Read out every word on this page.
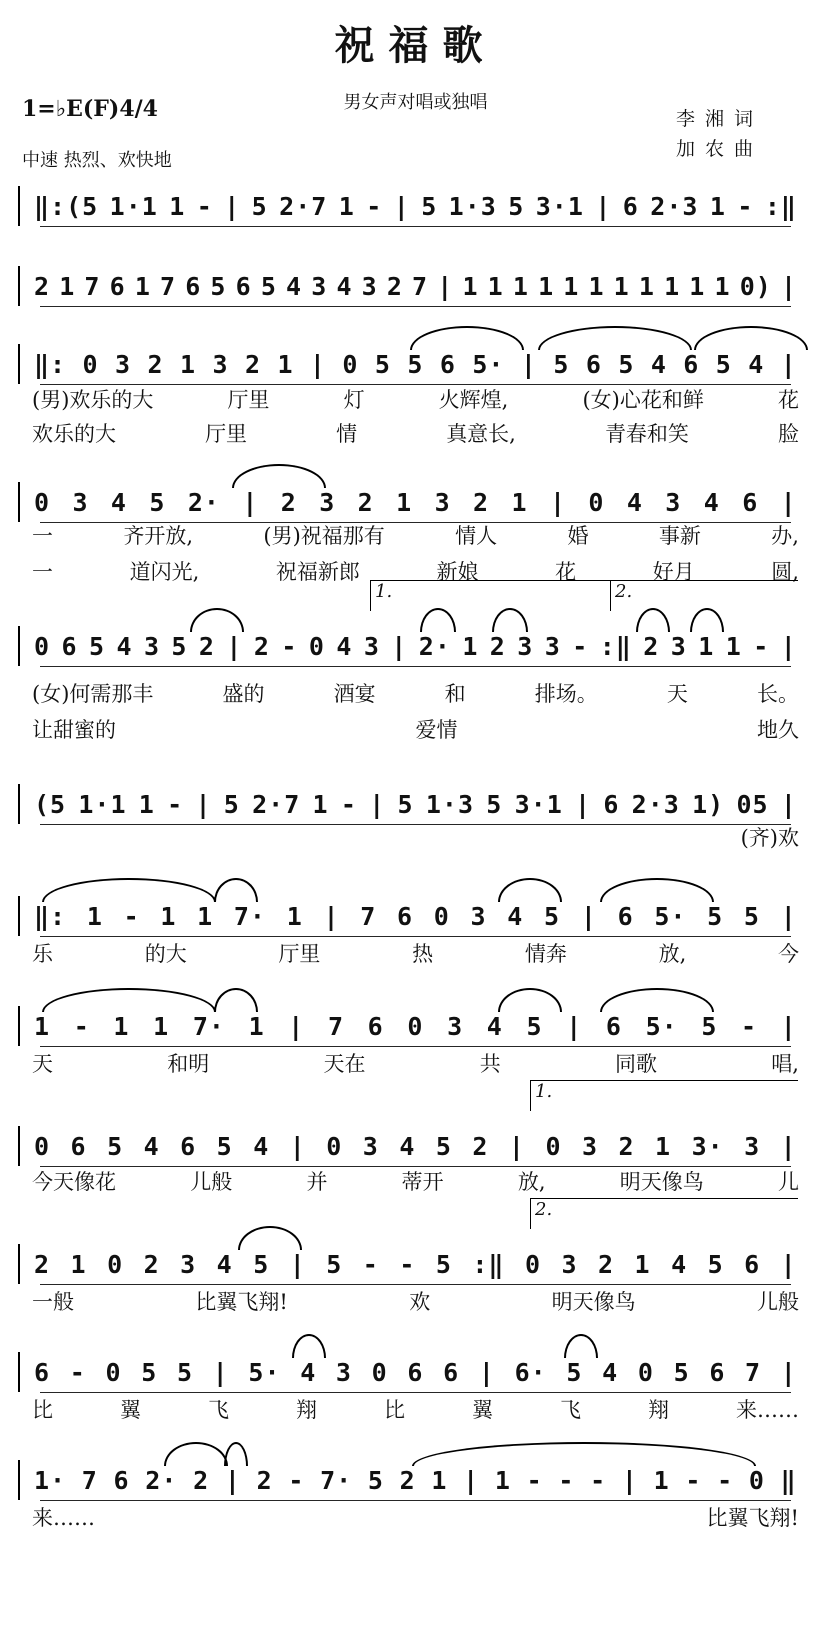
祝福歌
男女声对唱或独唱
1=♭E(F)4/4
中速 热烈、欢快地
李湘词
加农曲
‖:(5 1·1 1 - | 5 2·7 1 - | 5 1·3 5 3·1 | 6 2·3 1 - :‖
2 1 7 6 1 7 6 5 6 5 4 3 4 3 2 7 | 1 1 1 1 1 1 1 1 1 1 1 0) |
‖: 0 3 2 1 3 2 1 | 0 5 5 6 5· | 5 6 5 4 6 5 4 |
(男)欢乐的大	厅里	灯	火辉煌,	(女)心花和鲜	花
欢乐的大	厅里	情	真意长,	青春和笑	脸
0 3 4 5 2· | 2 3 2 1 3 2 1 | 0 4 3 4 6 |
一	齐开放,	(男)祝福那有	情人	婚	事新	办,
一	道闪光,	祝福新郎	新娘	花	好月	圆,
0 6 5 4 3 5 2 | 2 - 0 4 3 | 2· 1 2 3 3 - :‖ 2 3 1 1 - |
1.	2.
(女)何需那丰	盛的	酒宴	和	排场。	天	长。
让甜蜜的	爱情	地久
(5 1·1 1 - | 5 2·7 1 - | 5 1·3 5 3·1 | 6 2·3 1) 05 |
(齐)欢
‖: 1 - 1 1 7· 1 | 7 6 0 3 4 5 | 6 5· 5 5 |
乐	的大	厅里	热	情奔	放,	今
1 - 1 1 7· 1 | 7 6 0 3 4 5 | 6 5· 5 - |
天	和明	天在	共	同歌	唱,
0 6 5 4 6 5 4 | 0 3 4 5 2 | 0 3 2 1 3· 3 |
1.
今天像花	儿般	并	蒂开	放,	明天像鸟	儿
2 1 0 2 3 4 5 | 5 - - 5 :‖ 0 3 2 1 4 5 6 |
2.
一般	比翼飞翔!	欢	明天像鸟	儿般
6 - 0 5 5 | 5· 4 3 0 6 6 | 6· 5 4 0 5 6 7 |
比	翼	飞	翔	比	翼	飞	翔	来……
1· 7 6 2· 2 | 2 - 7· 5 2 1 | 1 - - - | 1 - - 0 ‖
来……	比翼飞翔!
